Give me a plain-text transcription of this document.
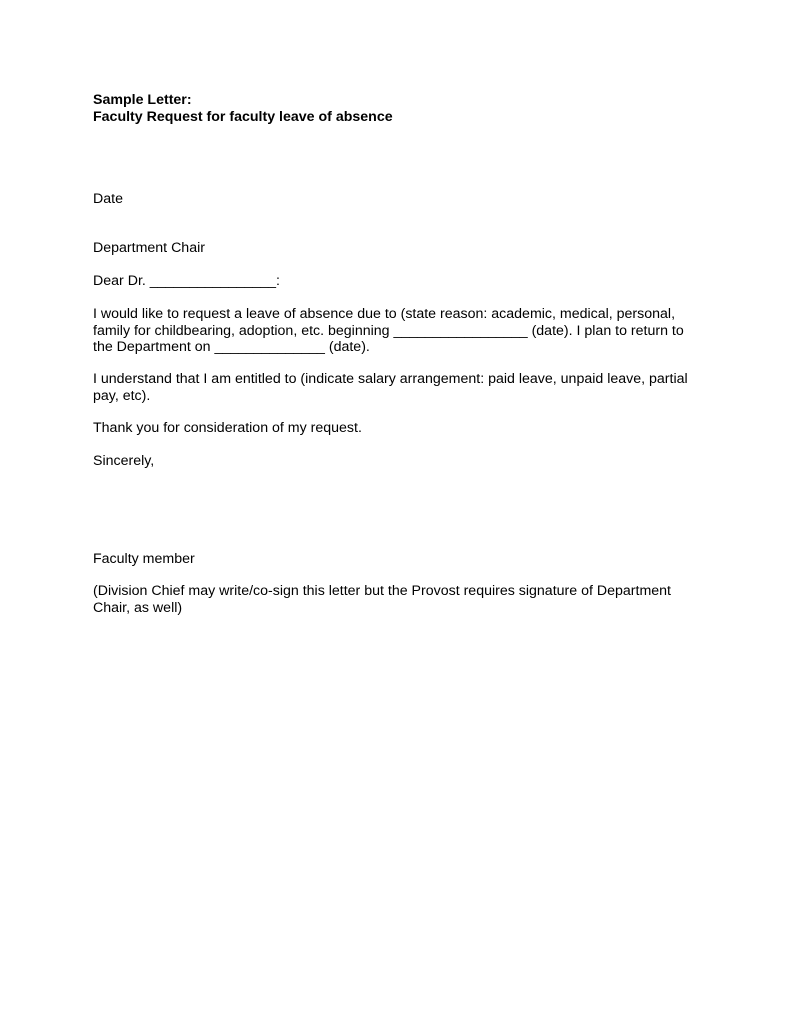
Sample Letter:

Faculty Request for faculty leave of absence

Date

Department Chair

Dear Dr. ________________:

I would like to request a leave of absence due to (state reason: academic, medical, personal,
family for childbearing, adoption, etc. beginning _________________ (date). I plan to return to
the Department on ______________ (date).
I understand that I am entitled to (indicate salary arrangement: paid leave, unpaid leave, partial
pay, etc).

Thank you for consideration of my request.

Sincerely,

Faculty member

(Division Chief may write/co-sign this letter but the Provost requires signature of Department
Chair, as well)
